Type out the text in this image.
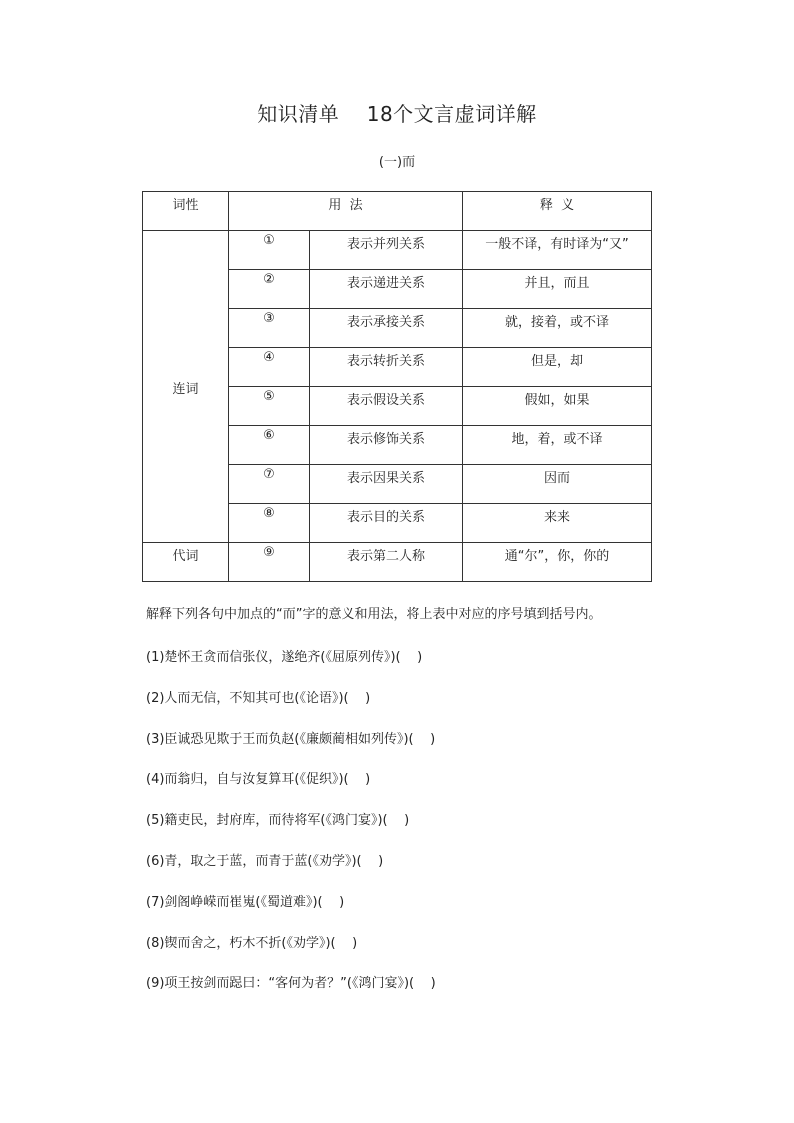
知识清单    18个文言虚词详解
(一)而
词性	用  法		释  义
连词	①	表示并列关系	一般不译，有时译为“又”
	②	表示递进关系	并且，而且
	③	表示承接关系	就，接着，或不译
	④	表示转折关系	但是，却
	⑤	表示假设关系	假如，如果
	⑥	表示修饰关系	地，着，或不译
	⑦	表示因果关系	因而
	⑧	表示目的关系	来来
代词	⑨	表示第二人称	通“尔”，你，你的
解释下列各句中加点的“而”字的意义和用法，将上表中对应的序号填到括号内。
(1)楚怀王贪而信张仪，遂绝齐(《屈原列传》)(    )
(2)人而无信，不知其可也(《论语》)(    )
(3)臣诚恐见欺于王而负赵(《廉颇蔺相如列传》)(    )
(4)而翁归，自与汝复算耳(《促织》)(    )
(5)籍吏民，封府库，而待将军(《鸿门宴》)(    )
(6)青，取之于蓝，而青于蓝(《劝学》)(    )
(7)剑阁峥嵘而崔嵬(《蜀道难》)(    )
(8)锲而舍之，朽木不折(《劝学》)(    )
(9)项王按剑而跽曰：“客何为者？”(《鸿门宴》)(    )
